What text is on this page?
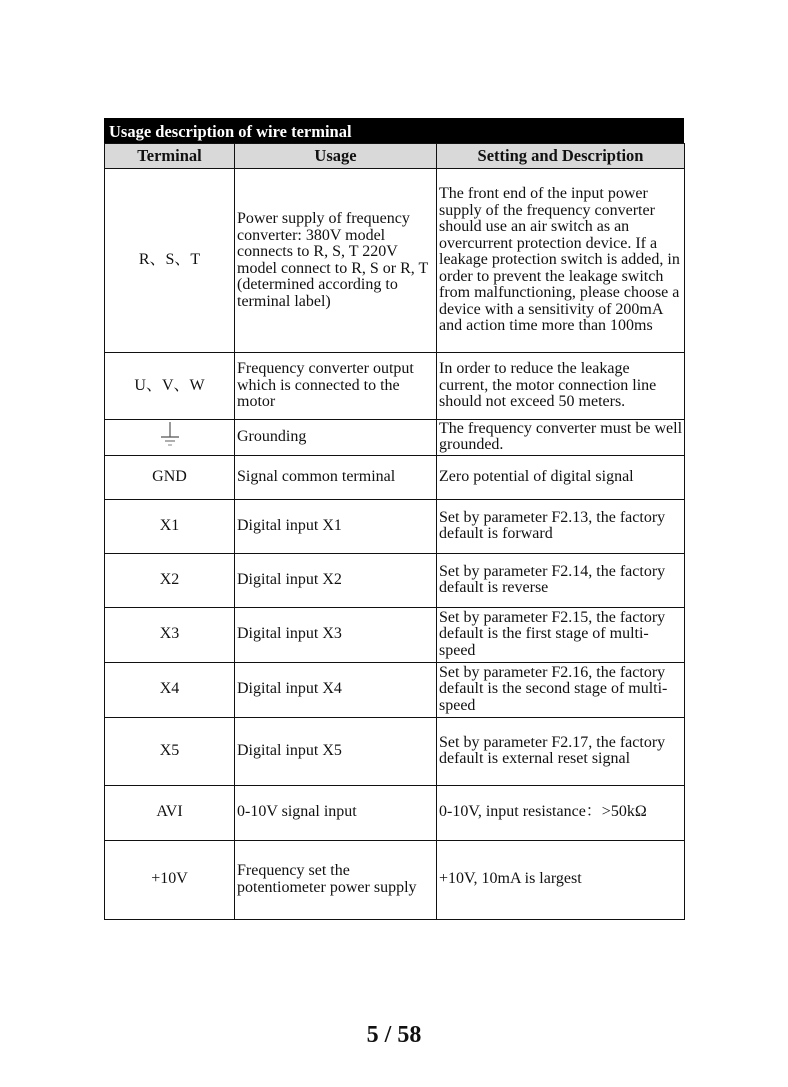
Usage description of wire terminal
Terminal	Usage	Setting and Description
R、S、T	Power supply of frequency converter: 380V model connects to R, S, T 220V model connect to R, S or R, T (determined according to terminal label)	The front end of the input power supply of the frequency converter should use an air switch as an overcurrent protection device. If a leakage protection switch is added, in order to prevent the leakage switch from malfunctioning, please choose a device with a sensitivity of 200mA and action time more than 100ms
U、V、W	Frequency converter output which is connected to the motor	In order to reduce the leakage current, the motor connection line should not exceed 50 meters.
	Grounding	The frequency converter must be well grounded.
GND	Signal common terminal	Zero potential of digital signal
X1	Digital input X1	Set by parameter F2.13, the factory default is forward
X2	Digital input X2	Set by parameter F2.14, the factory default is reverse
X3	Digital input X3	Set by parameter F2.15, the factory default is the first stage of multi-speed
X4	Digital input X4	Set by parameter F2.16, the factory default is the second stage of multi-speed
X5	Digital input X5	Set by parameter F2.17, the factory default is external reset signal
AVI	0-10V signal input	0-10V, input resistance：>50kΩ
+10V	Frequency set the potentiometer power supply	+10V, 10mA is largest
5 / 58
